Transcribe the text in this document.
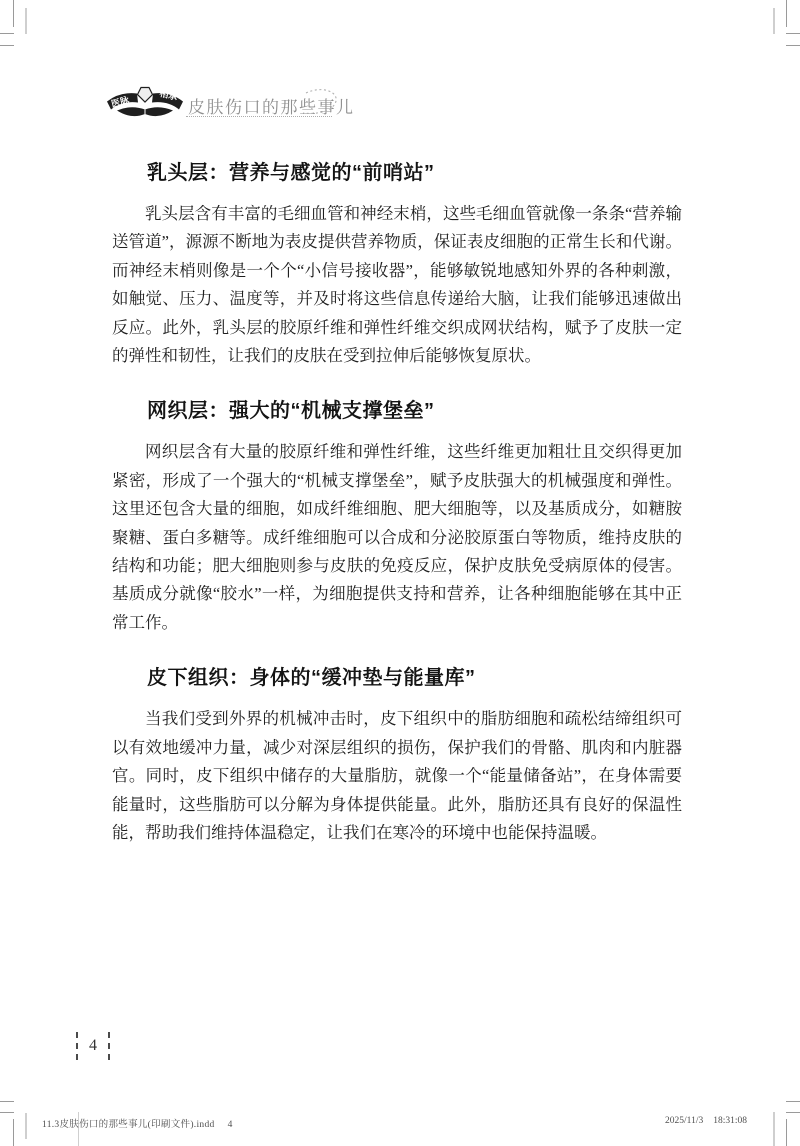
医脉	相承
皮肤伤口的那些事儿
乳头层：营养与感觉的“前哨站”

乳头层含有丰富的毛细血管和神经末梢，这些毛细血管就像一条条“营养输送管道”，源源不断地为表皮提供营养物质，保证表皮细胞的正常生长和代谢。而神经末梢则像是一个个“小信号接收器”，能够敏锐地感知外界的各种刺激，如触觉、压力、温度等，并及时将这些信息传递给大脑，让我们能够迅速做出反应。此外，乳头层的胶原纤维和弹性纤维交织成网状结构，赋予了皮肤一定的弹性和韧性，让我们的皮肤在受到拉伸后能够恢复原状。

网织层：强大的“机械支撑堡垒”

网织层含有大量的胶原纤维和弹性纤维，这些纤维更加粗壮且交织得更加紧密，形成了一个强大的“机械支撑堡垒”，赋予皮肤强大的机械强度和弹性。这里还包含大量的细胞，如成纤维细胞、肥大细胞等，以及基质成分，如糖胺聚糖、蛋白多糖等。成纤维细胞可以合成和分泌胶原蛋白等物质，维持皮肤的结构和功能；肥大细胞则参与皮肤的免疫反应，保护皮肤免受病原体的侵害。基质成分就像“胶水”一样，为细胞提供支持和营养，让各种细胞能够在其中正常工作。

皮下组织：身体的“缓冲垫与能量库”

当我们受到外界的机械冲击时，皮下组织中的脂肪细胞和疏松结缔组织可以有效地缓冲力量，减少对深层组织的损伤，保护我们的骨骼、肌肉和内脏器官。同时，皮下组织中储存的大量脂肪，就像一个“能量储备站”，在身体需要能量时，这些脂肪可以分解为身体提供能量。此外，脂肪还具有良好的保温性能，帮助我们维持体温稳定，让我们在寒冷的环境中也能保持温暖。

4
11.3皮肤伤口的那些事儿(印刷文件).indd 4	2025/11/3 18:31:08
